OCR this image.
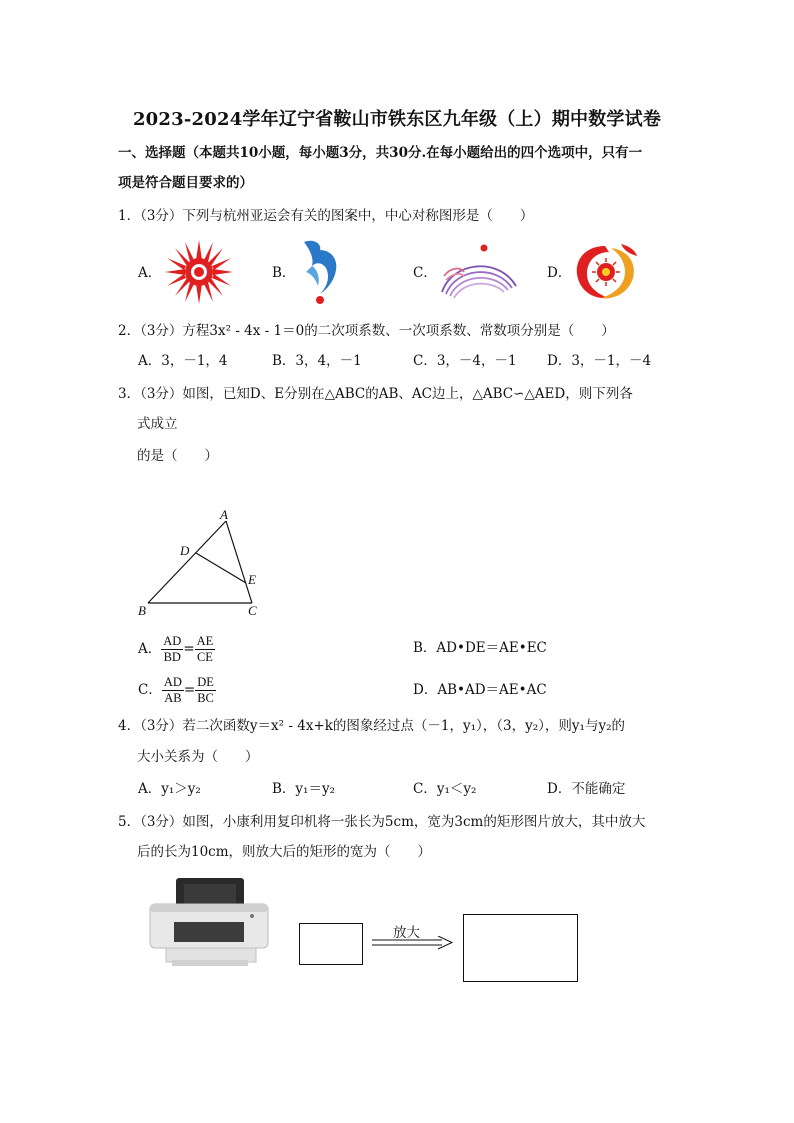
2023-2024学年辽宁省鞍山市铁东区九年级（上）期中数学试卷
一、选择题（本题共10小题，每小题3分，共30分.在每小题给出的四个选项中，只有一
项是符合题目要求的）
1．（3分）下列与杭州亚运会有关的图案中，中心对称图形是（　　）
A．	B．	C．	D．
2．（3分）方程3x² - 4x - 1＝0的二次项系数、一次项系数、常数项分别是（　　）
A．3，－1，4	B．3，4，－1	C．3，－4，－1 D．3，－1，－4
3．（3分）如图，已知D、E分别在△ABC的AB、AC边上，△ABC∽△AED，则下列各
式成立
的是（　　）
A
D
E
B	C
A． $\frac{AD}{BD} = \frac{AE}{CE}$	B．AD•DE＝AE•EC
C． $\frac{AD}{AB} = \frac{DE}{BC}$	D．AB•AD＝AE•AC
4．（3分）若二次函数y＝x² - 4x+k的图象经过点（－1，y₁），（3，y₂），则y₁与y₂的
大小关系为（　　）
A．y₁＞y₂	B．y₁＝y₂	C．y₁＜y₂	D．不能确定
5．（3分）如图，小康利用复印机将一张长为5cm，宽为3cm的矩形图片放大，其中放大
后的长为10cm，则放大后的矩形的宽为（　　）
放大
